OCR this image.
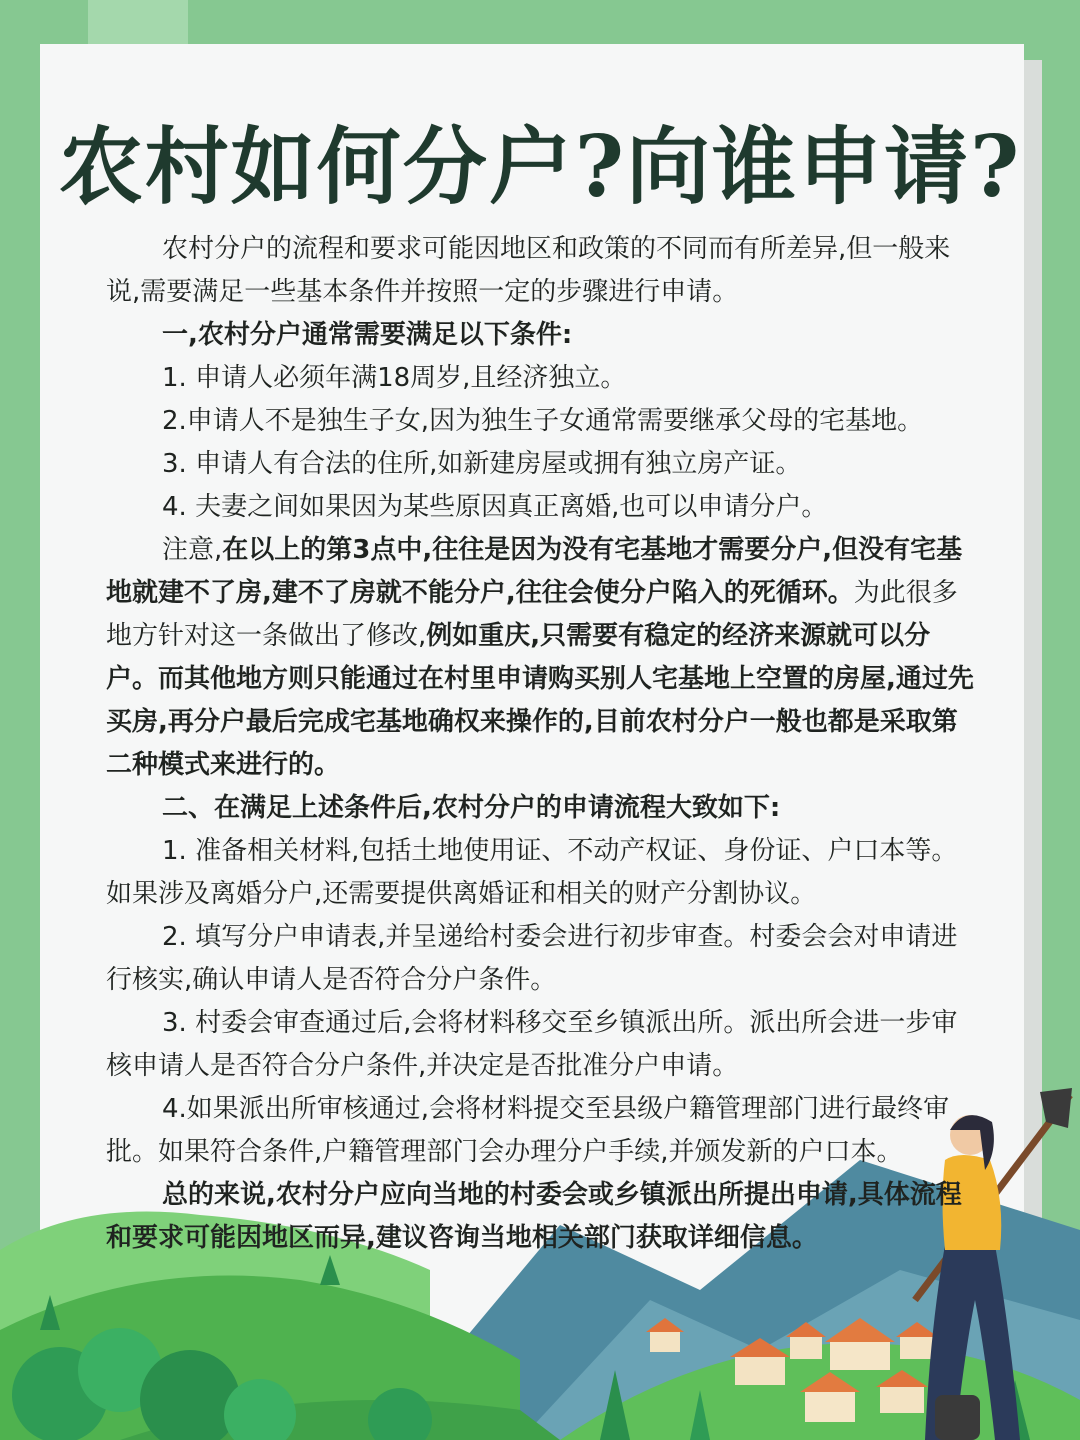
农村如何分户?向谁申请?

农村分户的流程和要求可能因地区和政策的不同而有所差异,但一般来说,需要满足一些基本条件并按照一定的步骤进行申请。

一,农村分户通常需要满足以下条件:

1. 申请人必须年满18周岁,且经济独立。

2.申请人不是独生子女,因为独生子女通常需要继承父母的宅基地。

3. 申请人有合法的住所,如新建房屋或拥有独立房产证。

4. 夫妻之间如果因为某些原因真正离婚,也可以申请分户。

注意,在以上的第3点中,往往是因为没有宅基地才需要分户,但没有宅基地就建不了房,建不了房就不能分户,往往会使分户陷入的死循环。为此很多地方针对这一条做出了修改,例如重庆,只需要有稳定的经济来源就可以分户。而其他地方则只能通过在村里申请购买别人宅基地上空置的房屋,通过先买房,再分户最后完成宅基地确权来操作的,目前农村分户一般也都是采取第二种模式来进行的。

二、在满足上述条件后,农村分户的申请流程大致如下:

1. 准备相关材料,包括土地使用证、不动产权证、身份证、户口本等。如果涉及离婚分户,还需要提供离婚证和相关的财产分割协议。

2. 填写分户申请表,并呈递给村委会进行初步审查。村委会会对申请进行核实,确认申请人是否符合分户条件。

3. 村委会审查通过后,会将材料移交至乡镇派出所。派出所会进一步审核申请人是否符合分户条件,并决定是否批准分户申请。

4.如果派出所审核通过,会将材料提交至县级户籍管理部门进行最终审批。如果符合条件,户籍管理部门会办理分户手续,并颁发新的户口本。

总的来说,农村分户应向当地的村委会或乡镇派出所提出申请,具体流程和要求可能因地区而异,建议咨询当地相关部门获取详细信息。
